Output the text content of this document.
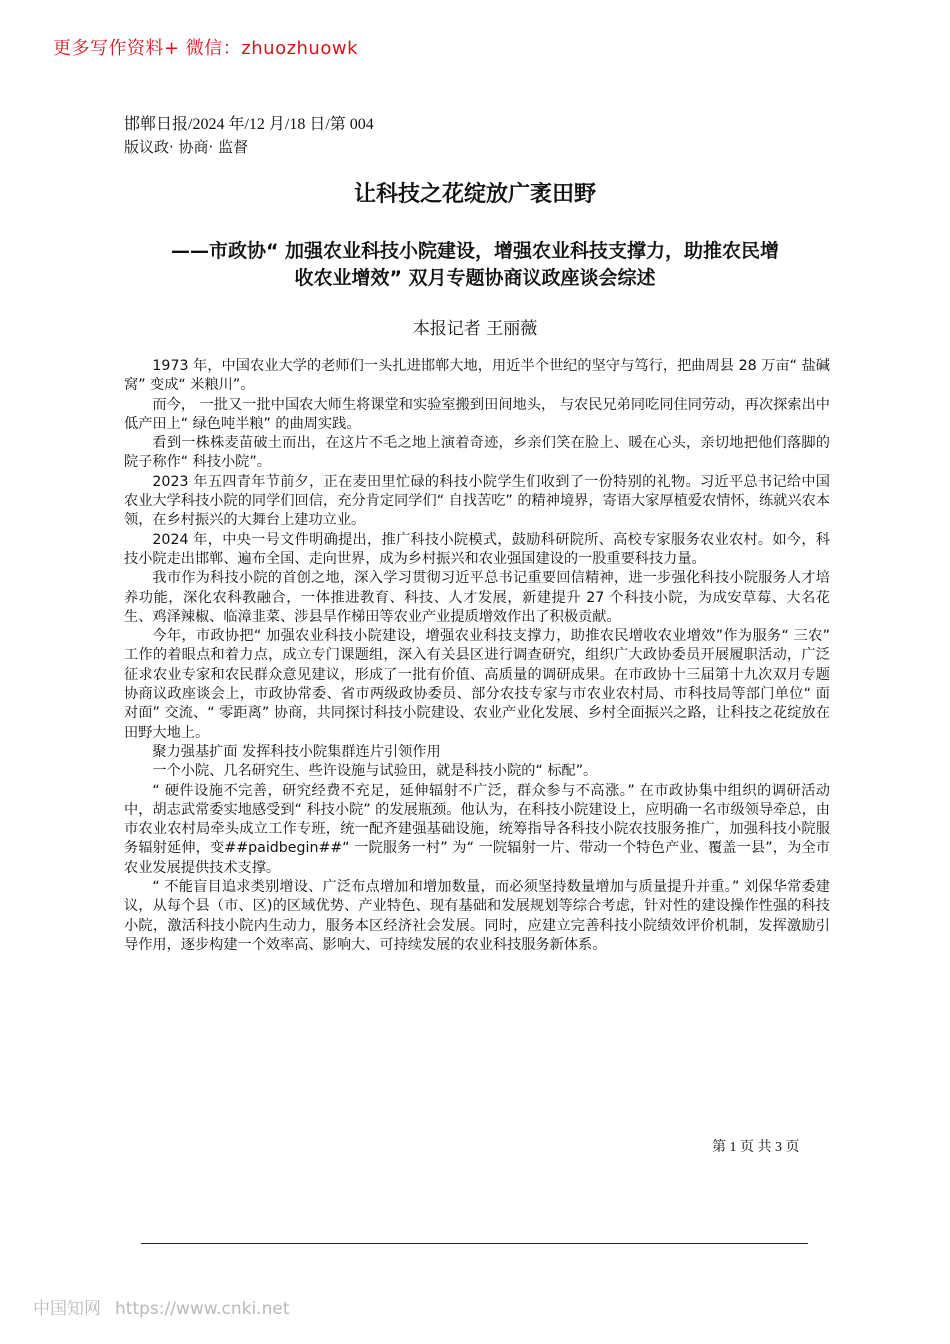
更多写作资料+ 微信：zhuozhuowk
邯郸日报/2024 年/12 月/18 日/第 004
版议政· 协商· 监督
让科技之花绽放广袤田野
——市政协“ 加强农业科技小院建设，增强农业科技支撑力，助推农民增
收农业增效” 双月专题协商议政座谈会综述
本报记者 王丽薇

1973 年，中国农业大学的老师们一头扎进邯郸大地，用近半个世纪的坚守与笃行，把曲周县 28 万亩“ 盐碱窝” 变成“ 米粮川”。

而今， 一批又一批中国农大师生将课堂和实验室搬到田间地头， 与农民兄弟同吃同住同劳动，再次探索出中低产田上“ 绿色吨半粮” 的曲周实践。

看到一株株麦苗破土而出，在这片不毛之地上演着奇迹，乡亲们笑在脸上、暖在心头，亲切地把他们落脚的院子称作“ 科技小院”。

2023 年五四青年节前夕，正在麦田里忙碌的科技小院学生们收到了一份特别的礼物。习近平总书记给中国农业大学科技小院的同学们回信，充分肯定同学们“ 自找苦吃” 的精神境界，寄语大家厚植爱农情怀，练就兴农本领，在乡村振兴的大舞台上建功立业。

2024 年，中央一号文件明确提出，推广科技小院模式，鼓励科研院所、高校专家服务农业农村。如今，科技小院走出邯郸、遍布全国、走向世界，成为乡村振兴和农业强国建设的一股重要科技力量。

我市作为科技小院的首创之地，深入学习贯彻习近平总书记重要回信精神，进一步强化科技小院服务人才培养功能，深化农科教融合，一体推进教育、科技、人才发展，新建提升 27 个科技小院，为成安草莓、大名花生、鸡泽辣椒、临漳韭菜、涉县旱作梯田等农业产业提质增效作出了积极贡献。

今年，市政协把“ 加强农业科技小院建设，增强农业科技支撑力，助推农民增收农业增效”作为服务“ 三农” 工作的着眼点和着力点，成立专门课题组，深入有关县区进行调查研究，组织广大政协委员开展履职活动，广泛征求农业专家和农民群众意见建议，形成了一批有价值、高质量的调研成果。在市政协十三届第十九次双月专题协商议政座谈会上，市政协常委、省市两级政协委员、部分农技专家与市农业农村局、市科技局等部门单位“ 面对面” 交流、“ 零距离” 协商，共同探讨科技小院建设、农业产业化发展、乡村全面振兴之路，让科技之花绽放在田野大地上。

聚力强基扩面 发挥科技小院集群连片引领作用

一个小院、几名研究生、些许设施与试验田，就是科技小院的“ 标配”。

“ 硬件设施不完善，研究经费不充足，延伸辐射不广泛，群众参与不高涨。” 在市政协集中组织的调研活动中，胡志武常委实地感受到“ 科技小院” 的发展瓶颈。他认为，在科技小院建设上，应明确一名市级领导牵总，由市农业农村局牵头成立工作专班，统一配齐建强基础设施，统筹指导各科技小院农技服务推广，加强科技小院服务辐射延伸，变##paidbegin##“ 一院服务一村” 为“ 一院辐射一片、带动一个特色产业、覆盖一县”，为全市农业发展提供技术支撑。

“ 不能盲目追求类别增设、广泛布点增加和增加数量，而必须坚持数量增加与质量提升并重。” 刘保华常委建议，从每个县（市、区)的区域优势、产业特色、现有基础和发展规划等综合考虑，针对性的建设操作性强的科技小院，激活科技小院内生动力，服务本区经济社会发展。同时，应建立完善科技小院绩效评价机制，发挥激励引导作用，逐步构建一个效率高、影响大、可持续发展的农业科技服务新体系。

第 1 页 共 3 页
中国知网 https://www.cnki.net
